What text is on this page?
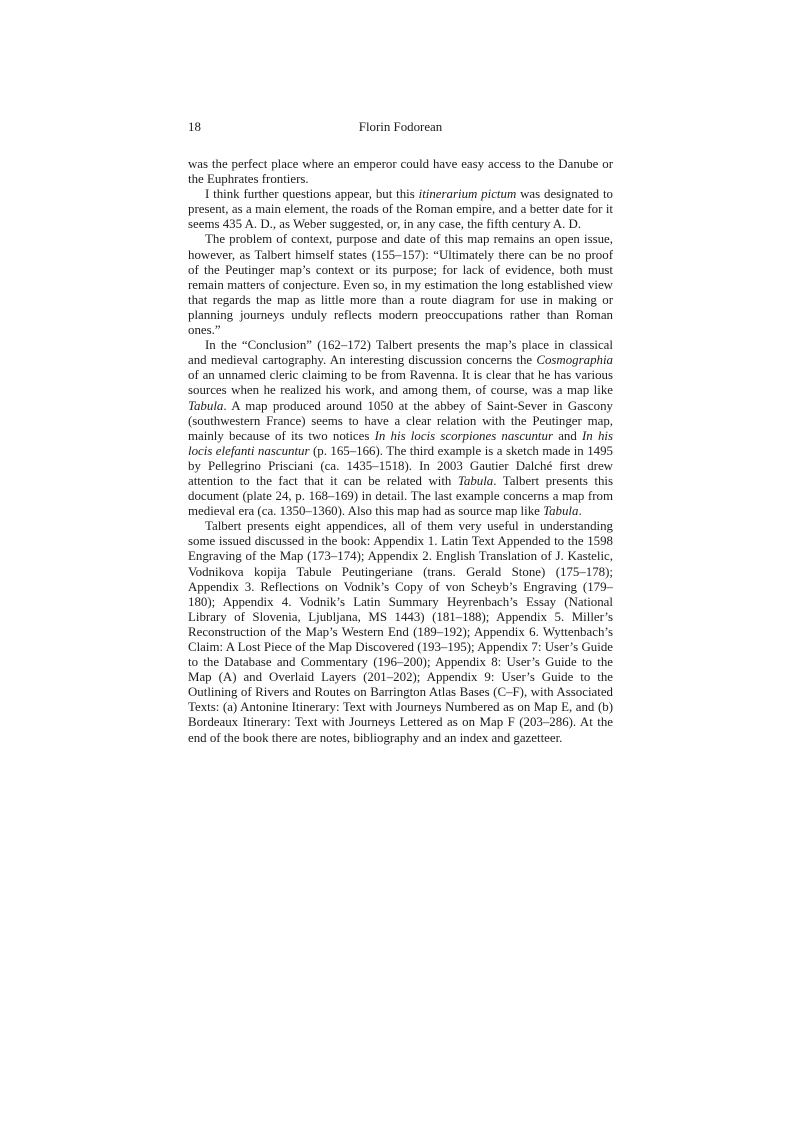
18	Florin Fodorean

was the perfect place where an emperor could have easy access to the Danube or the Euphrates frontiers.

I think further questions appear, but this itinerarium pictum was designated to present, as a main element, the roads of the Roman empire, and a better date for it seems 435 A. D., as Weber suggested, or, in any case, the fifth century A. D.

The problem of context, purpose and date of this map remains an open issue, however, as Talbert himself states (155–157): “Ultimately there can be no proof of the Peutinger map’s context or its purpose; for lack of evidence, both must remain matters of conjecture. Even so, in my estimation the long established view that regards the map as little more than a route diagram for use in making or planning journeys unduly reflects modern preoccupations rather than Roman ones.”

In the “Conclusion” (162–172) Talbert presents the map’s place in classical and medieval cartography. An interesting discussion concerns the Cosmographia of an unnamed cleric claiming to be from Ravenna. It is clear that he has various sources when he realized his work, and among them, of course, was a map like Tabula. A map produced around 1050 at the abbey of Saint-Sever in Gascony (southwestern France) seems to have a clear relation with the Peutinger map, mainly because of its two notices In his locis scorpiones nascuntur and In his locis elefanti nascuntur (p. 165–166). The third example is a sketch made in 1495 by Pellegrino Prisciani (ca. 1435–1518). In 2003 Gautier Dalché first drew attention to the fact that it can be related with Tabula. Talbert presents this document (plate 24, p. 168–169) in detail. The last example concerns a map from medieval era (ca. 1350–1360). Also this map had as source map like Tabula.

Talbert presents eight appendices, all of them very useful in understanding some issued discussed in the book: Appendix 1. Latin Text Appended to the 1598 Engraving of the Map (173–174); Appendix 2. English Translation of J. Kastelic, Vodnikova kopija Tabule Peutingeriane (trans. Gerald Stone) (175–178); Appendix 3. Reflections on Vodnik’s Copy of von Scheyb’s Engraving (179–180); Appendix 4. Vodnik’s Latin Summary Heyrenbach’s Essay (National Library of Slovenia, Ljubljana, MS 1443) (181–188); Appendix 5. Miller’s Reconstruction of the Map’s Western End (189–192); Appendix 6. Wyttenbach’s Claim: A Lost Piece of the Map Discovered (193–195); Appendix 7: User’s Guide to the Database and Commentary (196–200); Appendix 8: User’s Guide to the Map (A) and Overlaid Layers (201–202); Appendix 9: User’s Guide to the Outlining of Rivers and Routes on Barrington Atlas Bases (C–F), with Associated Texts: (a) Antonine Itinerary: Text with Journeys Numbered as on Map E, and (b) Bordeaux Itinerary: Text with Journeys Lettered as on Map F (203–286). At the end of the book there are notes, bibliography and an index and gazetteer.
